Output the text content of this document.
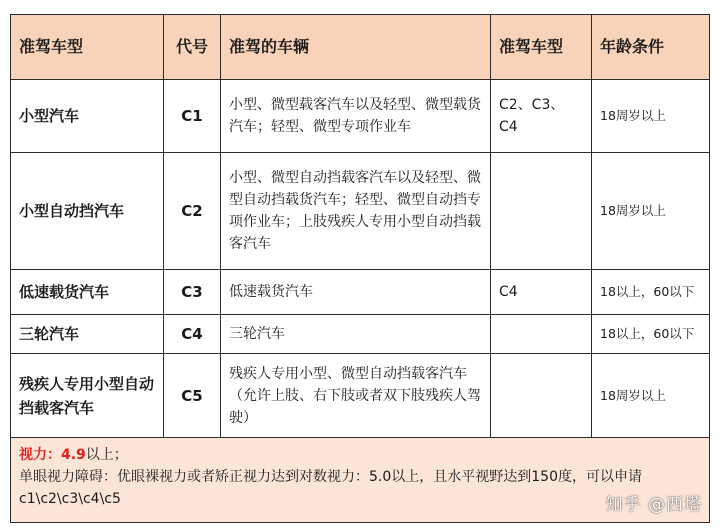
准驾车型	代号	准驾的车辆	准驾车型	年龄条件
小型汽车	C1	小型、微型载客汽车以及轻型、微型载货汽车；轻型、微型专项作业车	C2、C3、C4	18周岁以上
小型自动挡汽车	C2	小型、微型自动挡载客汽车以及轻型、微型自动挡载货汽车；轻型、微型自动挡专项作业车；上肢残疾人专用小型自动挡载客汽车		18周岁以上
低速载货汽车	C3	低速载货汽车	C4	18以上，60以下
三轮汽车	C4	三轮汽车		18以上，60以下
残疾人专用小型自动挡载客汽车	C5	残疾人专用小型、微型自动挡载客汽车（允许上肢、右下肢或者双下肢残疾人驾驶）		18周岁以上

视力：4.9以上；
单眼视力障碍：优眼裸视力或者矫正视力达到对数视力：5.0以上，且水平视野达到150度，可以申请c1\c2\c3\c4\c5					知乎 @西塔
